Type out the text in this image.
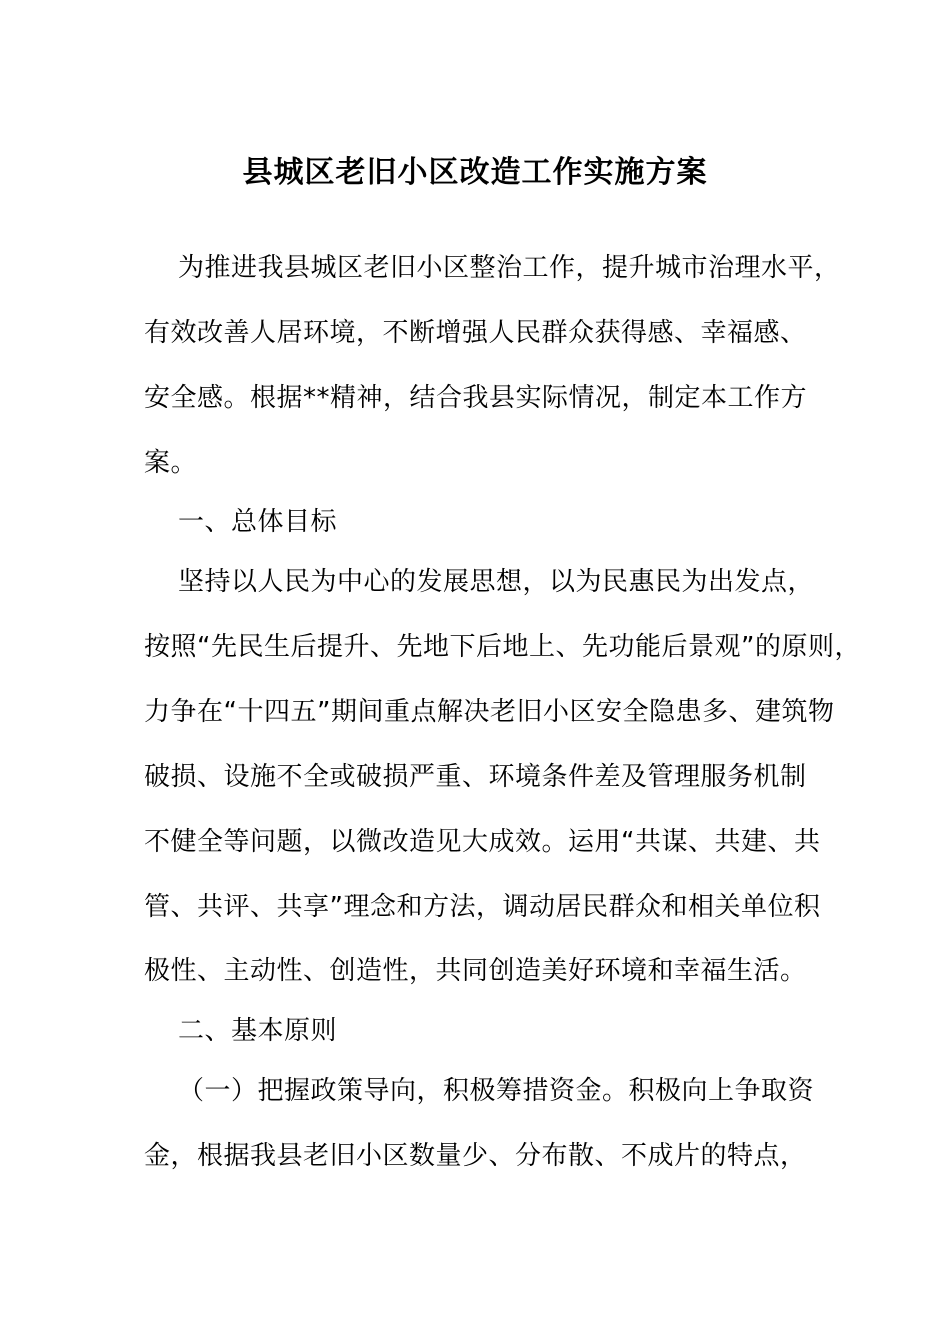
县城区老旧小区改造工作实施方案
为推进我县城区老旧小区整治工作，提升城市治理水平，
有效改善人居环境，不断增强人民群众获得感、幸福感、
安全感。根据**精神，结合我县实际情况，制定本工作方
案。
一、总体目标
坚持以人民为中心的发展思想，以为民惠民为出发点，
按照“先民生后提升、先地下后地上、先功能后景观”的原则，
力争在“十四五”期间重点解决老旧小区安全隐患多、建筑物
破损、设施不全或破损严重、环境条件差及管理服务机制
不健全等问题，以微改造见大成效。运用“共谋、共建、共
管、共评、共享”理念和方法，调动居民群众和相关单位积
极性、主动性、创造性，共同创造美好环境和幸福生活。
二、基本原则
（一）把握政策导向，积极筹措资金。积极向上争取资
金，根据我县老旧小区数量少、分布散、不成片的特点，
